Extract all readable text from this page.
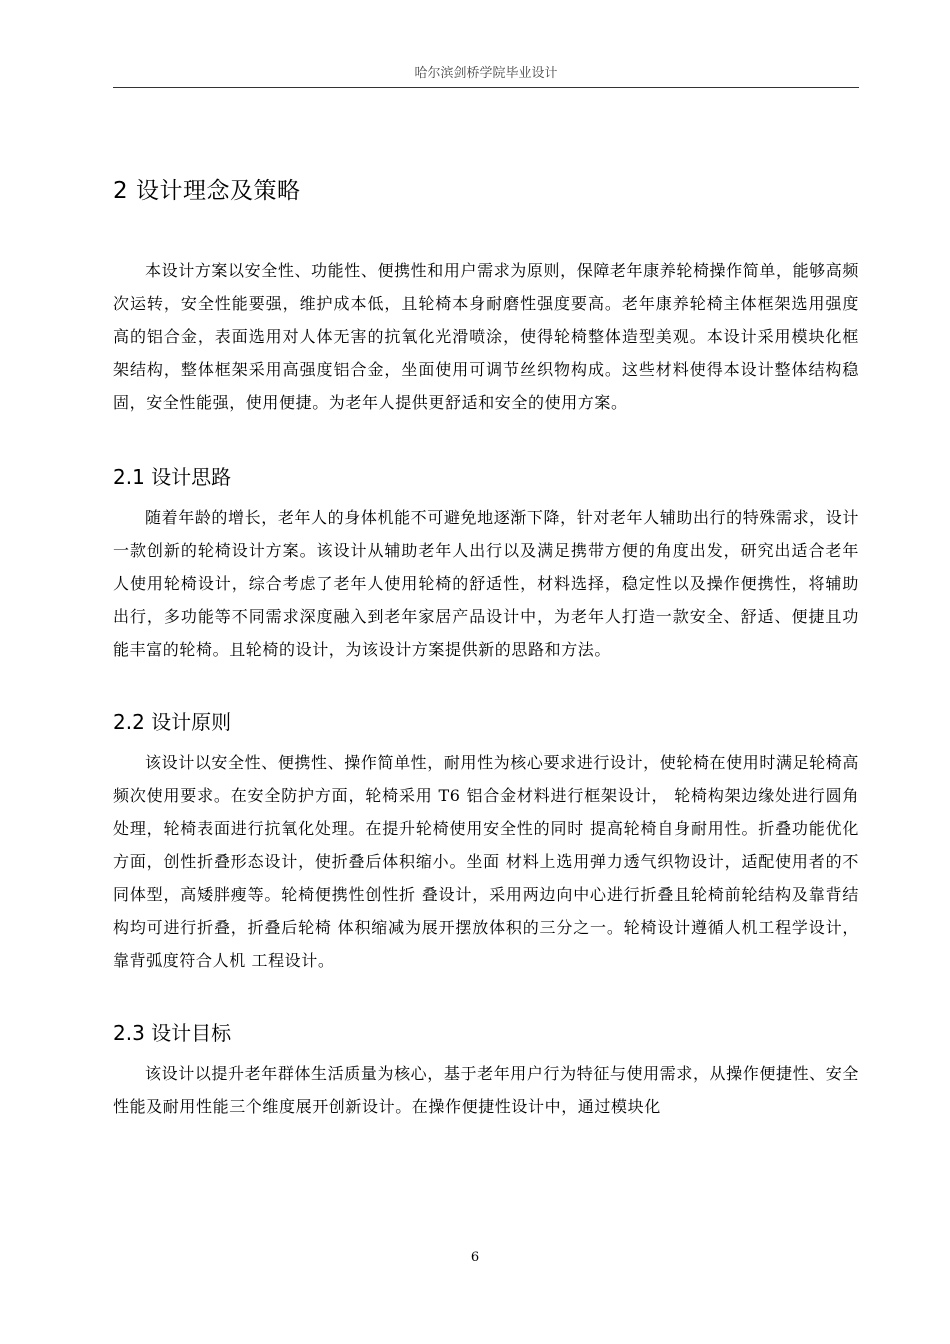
哈尔滨剑桥学院毕业设计
2 设计理念及策略

本设计方案以安全性、功能性、便携性和用户需求为原则，保障老年康养轮椅操作简单，能够高频次运转，安全性能要强，维护成本低，且轮椅本身耐磨性强度要高。老年康养轮椅主体框架选用强度高的铝合金，表面选用对人体无害的抗氧化光滑喷涂，使得轮椅整体造型美观。本设计采用模块化框架结构，整体框架采用高强度铝合金，坐面使用可调节丝织物构成。这些材料使得本设计整体结构稳固，安全性能强，使用便捷。为老年人提供更舒适和安全的使用方案。

2.1 设计思路

随着年龄的增长，老年人的身体机能不可避免地逐渐下降，针对老年人辅助出行的特殊需求，设计一款创新的轮椅设计方案。该设计从辅助老年人出行以及满足携带方便的角度出发，研究出适合老年人使用轮椅设计，综合考虑了老年人使用轮椅的舒适性，材料选择，稳定性以及操作便携性，将辅助出行，多功能等不同需求深度融入到老年家居产品设计中，为老年人打造一款安全、舒适、便捷且功能丰富的轮椅。且轮椅的设计，为该设计方案提供新的思路和方法。

2.2 设计原则

该设计以安全性、便携性、操作简单性，耐用性为核心要求进行设计，使轮椅在使用时满足轮椅高频次使用要求。在安全防护方面，轮椅采用 T6 铝合金材料进行框架设计， 轮椅构架边缘处进行圆角处理，轮椅表面进行抗氧化处理。在提升轮椅使用安全性的同时 提高轮椅自身耐用性。折叠功能优化方面，创性折叠形态设计，使折叠后体积缩小。坐面 材料上选用弹力透气织物设计，适配使用者的不同体型，高矮胖瘦等。轮椅便携性创性折 叠设计，采用两边向中心进行折叠且轮椅前轮结构及靠背结构均可进行折叠，折叠后轮椅 体积缩减为展开摆放体积的三分之一。轮椅设计遵循人机工程学设计，靠背弧度符合人机 工程设计。

2.3 设计目标

该设计以提升老年群体生活质量为核心，基于老年用户行为特征与使用需求，从操作便捷性、安全性能及耐用性能三个维度展开创新设计。在操作便捷性设计中，通过模块化

6
